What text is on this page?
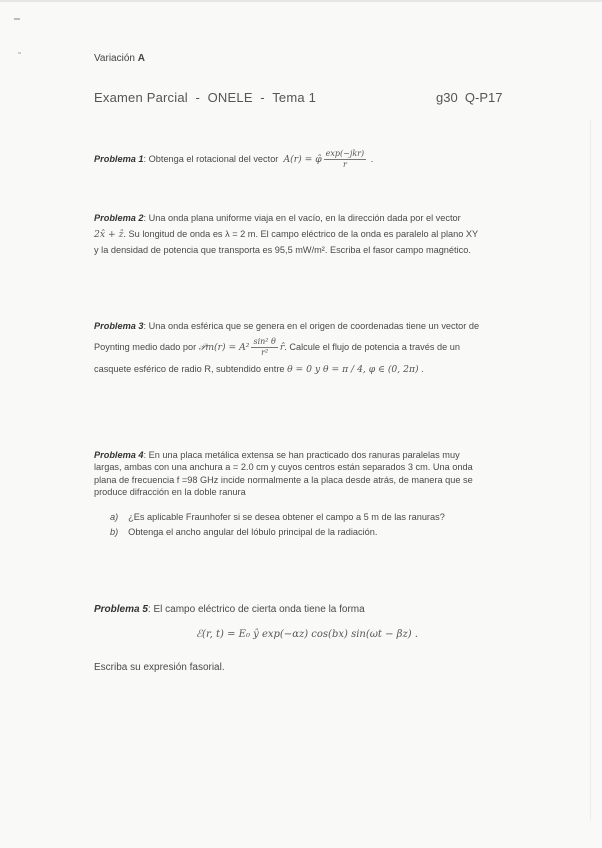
Variación A
Examen Parcial  -  ONELE  -  Tema 1	g30  Q-P17
Problema 1: Obtenga el rotacional del vector A(r) = φ̂ $\frac{\text{exp(−jkr)}}{r}$ .
Problema 2: Una onda plana uniforme viaja en el vacío, en la dirección dada por el vector
2x̂ + ẑ. Su longitud de onda es λ = 2 m. El campo eléctrico de la onda es paralelo al plano XY
y la densidad de potencia que transporta es 95,5 mW/m². Escriba el fasor campo magnético.
Problema 3: Una onda esférica que se genera en el origen de coordenadas tiene un vector de
Poynting medio dado por 𝒫m(r) = $A^2 \frac{\text{sin² θ}}{\text{r²}}$ r̂. Calcule el flujo de potencia a través de un
casquete esférico de radio R, subtendido entre θ = 0 y θ = π / 4, φ ∈ (0, 2π) .
Problema 4: En una placa metálica extensa se han practicado dos ranuras paralelas muy
largas, ambas con una anchura a = 2.0 cm y cuyos centros están separados 3 cm. Una onda
plana de frecuencia f =98 GHz incide normalmente a la placa desde atrás, de manera que se
produce difracción en la doble ranura
a) ¿Es aplicable Fraunhofer si se desea obtener el campo a 5 m de las ranuras?
b) Obtenga el ancho angular del lóbulo principal de la radiación.
Problema 5: El campo eléctrico de cierta onda tiene la forma
ℰ(r, t) = E₀ ŷ exp(−αz) cos(bx) sin(ωt − βz) .
Escriba su expresión fasorial.
